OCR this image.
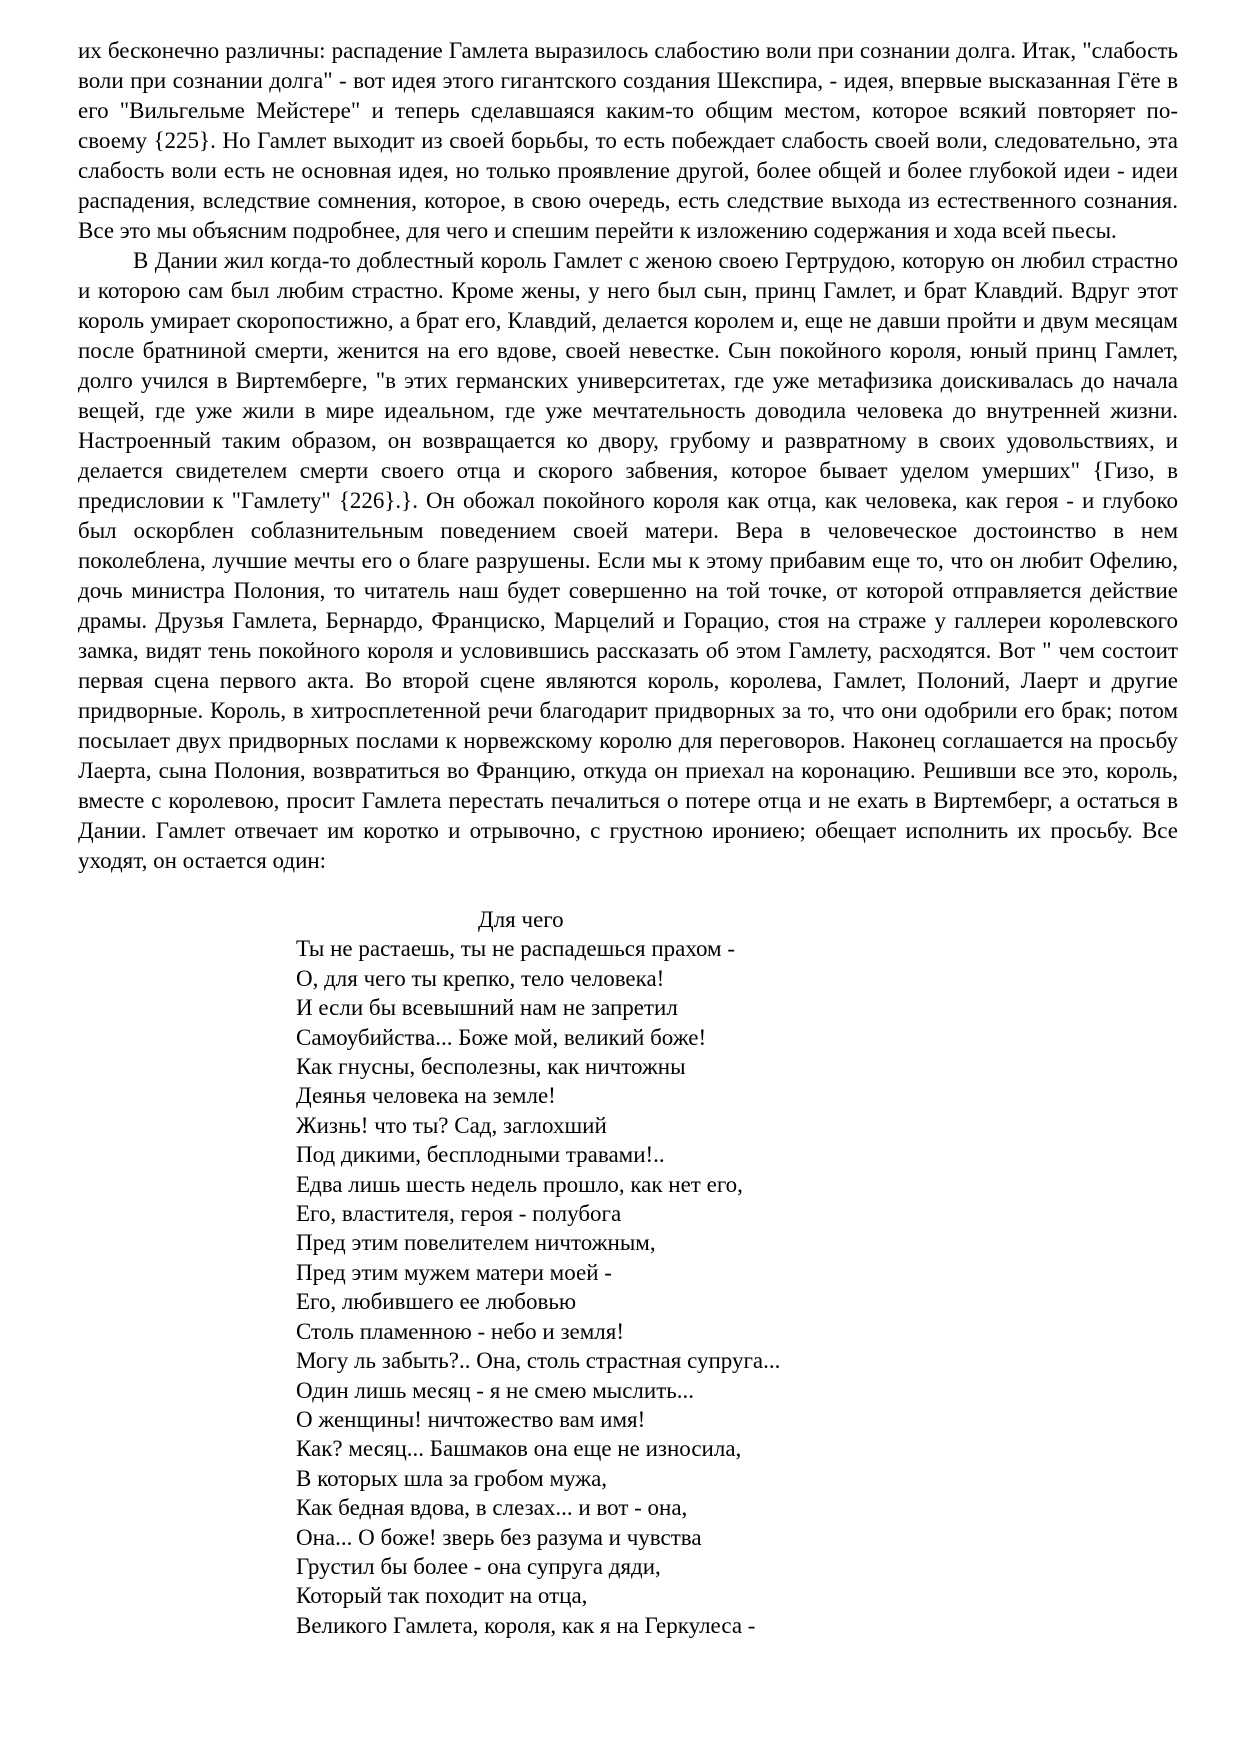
их бесконечно различны: распадение Гамлета выразилось слабостию воли при сознании долга. Итак, "слабость воли при сознании долга" - вот идея этого гигантского создания Шекспира, - идея, впервые высказанная Гёте в его "Вильгельме Мейстере" и теперь сделавшаяся каким-то общим местом, которое всякий повторяет по-своему {225}. Но Гамлет выходит из своей борьбы, то есть побеждает слабость своей воли, следовательно, эта слабость воли есть не основная идея, но только проявление другой, более общей и более глубокой идеи - идеи распадения, вследствие сомнения, которое, в свою очередь, есть следствие выхода из естественного сознания. Все это мы объясним подробнее, для чего и спешим перейти к изложению содержания и хода всей пьесы.

В Дании жил когда-то доблестный король Гамлет с женою своею Гертрудою, которую он любил страстно и которою сам был любим страстно. Кроме жены, у него был сын, принц Гамлет, и брат Клавдий. Вдруг этот король умирает скоропостижно, а брат его, Клавдий, делается королем и, еще не давши пройти и двум месяцам после братниной смерти, женится на его вдове, своей невестке. Сын покойного короля, юный принц Гамлет, долго учился в Виртемберге, "в этих германских университетах, где уже метафизика доискивалась до начала вещей, где уже жили в мире идеальном, где уже мечтательность доводила человека до внутренней жизни. Настроенный таким образом, он возвращается ко двору, грубому и развратному в своих удовольствиях, и делается свидетелем смерти своего отца и скорого забвения, которое бывает уделом умерших" {Гизо, в предисловии к "Гамлету" {226}.}. Он обожал покойного короля как отца, как человека, как героя - и глубоко был оскорблен соблазнительным поведением своей матери. Вера в человеческое достоинство в нем поколеблена, лучшие мечты его о благе разрушены. Если мы к этому прибавим еще то, что он любит Офелию, дочь министра Полония, то читатель наш будет совершенно на той точке, от которой отправляется действие драмы. Друзья Гамлета, Бернардо, Франциско, Марцелий и Горацио, стоя на страже у галлереи королевского замка, видят тень покойного короля и условившись рассказать об этом Гамлету, расходятся. Вот " чем состоит первая сцена первого акта. Во второй сцене являются король, королева, Гамлет, Полоний, Лаерт и другие придворные. Король, в хитросплетенной речи благодарит придворных за то, что они одобрили его брак; потом посылает двух придворных послами к норвежскому королю для переговоров. Наконец соглашается на просьбу Лаерта, сына Полония, возвратиться во Францию, откуда он приехал на коронацию. Решивши все это, король, вместе с королевою, просит Гамлета перестать печалиться о потере отца и не ехать в Виртемберг, а остаться в Дании. Гамлет отвечает им коротко и отрывочно, с грустною ирониею; обещает исполнить их просьбу. Все уходят, он остается один:

Для чего
Ты не растаешь, ты не распадешься прахом -
О, для чего ты крепко, тело человека!
И если бы всевышний нам не запретил
Самоубийства... Боже мой, великий боже!
Как гнусны, бесполезны, как ничтожны
Деянья человека на земле!
Жизнь! что ты? Сад, заглохший
Под дикими, бесплодными травами!..
Едва лишь шесть недель прошло, как нет его,
Его, властителя, героя - полубога
Пред этим повелителем ничтожным,
Пред этим мужем матери моей -
Его, любившего ее любовью
Столь пламенною - небо и земля!
Могу ль забыть?.. Она, столь страстная супруга...
Один лишь месяц - я не смею мыслить...
О женщины! ничтожество вам имя!
Как? месяц... Башмаков она еще не износила,
В которых шла за гробом мужа,
Как бедная вдова, в слезах... и вот - она,
Она... О боже! зверь без разума и чувства
Грустил бы более - она супруга дяди,
Который так походит на отца,
Великого Гамлета, короля, как я на Геркулеса -
